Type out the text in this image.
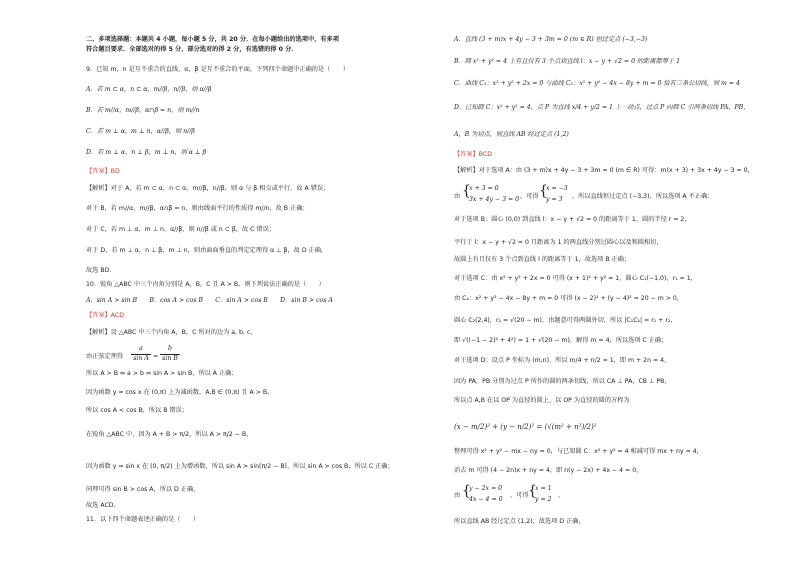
二、多项选择题：本题共 4 小题，每小题 5 分，共 20 分．在每小题给出的选项中，有多项
符合题目要求．全部选对的得 5 分，部分选对的得 2 分，有选错的得 0 分．
9．已知 m，n 是互不重合的直线，α，β 是互不重合的平面，下列四个命题中正确的是（　　）
A．若 m ⊂ α，n ⊂ α，m//β，n//β，则 α//β
B．若 m//α，m//β，α∩β = n，则 m//n
C．若 m ⊥ α，m ⊥ n，α//β，则 n//β
D．若 m ⊥ α，n ⊥ β，m ⊥ n，则 α ⊥ β
【答案】BD
【解析】对于 A，若 m ⊂ α，n ⊂ α，m//β，n//β，则 α 与 β 相交或平行，故 A 错误；
对于 B，若 m//α，m//β，α∩β = n，则由线面平行的性质得 m//n，故 B 正确；
对于 C，若 m ⊥ α，m ⊥ n，α//β，则 n//β 或 n ⊂ β，故 C 错误；
对于 D，若 m ⊥ α，n ⊥ β，m ⊥ n，则由面面垂直的判定定理得 α ⊥ β，故 D 正确，
故选 BD．
10．锐角 △ABC 中三个内角分别是 A，B，C 且 A > B，则下列说法正确的是（　　）
A．sin A > sin B　　B．cos A > cos B　　C．sin A > cos B　　D．sin B > cos A
【答案】ACD
【解析】设 △ABC 中三个内角 A，B，C 所对的边为 a, b, c，
由正弦定理得
a
sin A =
b
sin B
所以 A > B ⇔ a > b ⇔ sin A > sin B，所以 A 正确；
因为函数 y = cos x 在 (0,π) 上为减函数，A,B ∈ (0,π) 且 A > B，
所以 cos A < cos B，所以 B 错误；
在锐角 △ABC 中，因为 A + B > π/2，所以 A > π/2 − B，
因为函数 y = sin x 在 (0, π/2) 上为增函数，所以 sin A > sin(π/2 − B)，所以 sin A > cos B，所以 C 正确；
同理可得 sin B > cos A，所以 D 正确，
故选 ACD．
11．以下四个命题表述正确的是（　　）
A．直线 (3 + m)x + 4y − 3 + 3m = 0 (m ∈ R) 恒过定点 (−3,−3)
B．圆 x² + y² = 4 上有且仅有 3 个点到直线 l：x − y + √2 = 0 的距离都等于 1
C．曲线 C₁：x² + y² + 2x = 0 与曲线 C₂：x² + y² − 4x − 8y + m = 0 恰有三条公切线，则 m = 4
D．已知圆 C：x² + y² = 4，点 P 为直线 x/4 + y/2 = 1 上一动点，过点 P 向圆 C 引两条切线 PA，PB，
A，B 为切点，则直线 AB 经过定点 (1,2)
【答案】BCD
【解析】对于选项 A：由 (3 + m)x + 4y − 3 + 3m = 0 (m ∈ R) 可得：m(x + 3) + 3x + 4y − 3 = 0，
由 {
x + 3 = 0
3x + 4y − 3 = 0 ，可得 {
x = −3
y = 3 ，所以直线恒过定点 (−3,3)，所以选项 A 不正确；
对于选项 B：圆心 (0,0) 到直线 l：x − y + √2 = 0 的距离等于 1，圆的半径 r = 2，
平行于 l：x − y + √2 = 0 且距离为 1 的两直线分别过圆心以及和圆相切，
故圆上有且仅有 3 个点到直线 l 的距离等于 1，故选项 B 正确；
对于选项 C：由 x² + y² + 2x = 0 可得 (x + 1)² + y² = 1，圆心 C₁(−1,0)，r₁ = 1，
由 C₂：x² + y² − 4x − 8y + m = 0 可得 (x − 2)² + (y − 4)² = 20 − m > 0，
圆心 C₂(2,4)，r₂ = √(20 − m)，由题意可得两圆外切，所以 |C₁C₂| = r₁ + r₂，
即 √((−1 − 2)² + 4²) = 1 + √(20 − m)，解得 m = 4，所以选项 C 正确；
对于选项 D：设点 P 坐标为 (m,n)，所以 m/4 + n/2 = 1，即 m + 2n = 4，
因为 PA，PB 分别为过点 P 所作的圆的两条切线，所以 CA ⊥ PA，CB ⊥ PB，
所以点 A,B 在以 OP 为直径的圆上，以 OP 为直径的圆的方程为
(x − m/2)² + (y − n/2)² = (√(m² + n²)/2)²
整理可得 x² + y² − mx − ny = 0，与已知圆 C：x² + y² = 4 相减可得 mx + ny = 4，
消去 m 可得 (4 − 2n)x + ny = 4，即 n(y − 2x) + 4x − 4 = 0，
由 {
y − 2x = 0
4x − 4 = 0
，可得 {
x = 1
y = 2
，
所以直线 AB 经过定点 (1,2)，故选项 D 正确，
